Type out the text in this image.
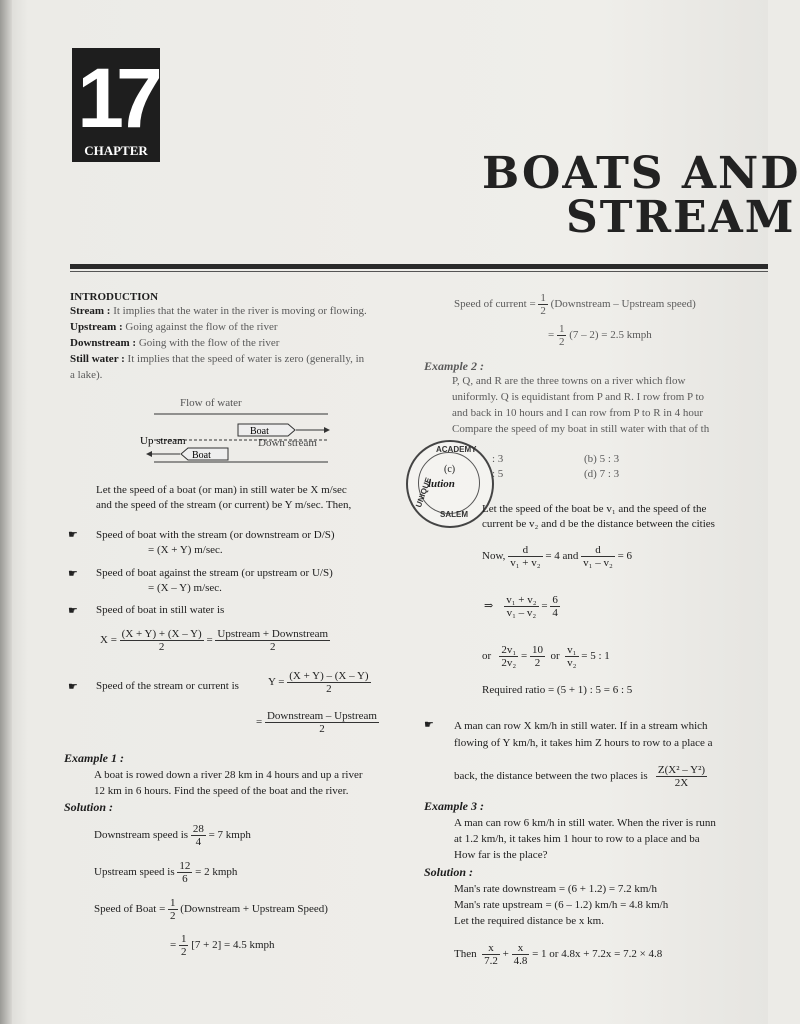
17
CHAPTER	BOATS AND
STREAM
INTRODUCTION
Stream : It implies that the water in the river is moving or flowing.
Upstream : Going against the flow of the river
Downstream : Going with the flow of the river
Still water : It implies that the speed of water is zero (generally, in
a lake).
Flow of water
Boat
Boat
Up stream	Down stream
Let the speed of a boat (or man) in still water be X m/sec
and the speed of the stream (or current) be Y m/sec. Then,
☛ Speed of boat with the stream (or downstream or D/S)
= (X + Y) m/sec.
☛ Speed of boat against the stream (or upstream or U/S)
= (X – Y) m/sec.
☛ Speed of boat in still water is
$X = \frac{(X + Y) + (X - Y)}{2} = \frac{\text{Upstream + Downstream}}{2}$
☛ Speed of the stream or current is	$Y = \frac{(X + Y) - (X - Y)}{2}$
= $\frac{\text{Downstream – Upstream}}{2}$
Example 1 :
A boat is rowed down a river 28 km in 4 hours and up a river
12 km in 6 hours. Find the speed of the boat and the river.
Solution :
Downstream speed is $\frac{28}{4} = 7$ kmph
Upstream speed is $\frac{12}{6} = 2$ kmph
Speed of Boat = $\frac{1}{2}$ (Downstream + Upstream Speed)
= $\frac{1}{2} [7 + 2] = 4.5$ kmph
ACADEMY
UNIQUE
SALEM
(c)
lution
Speed of current = $\frac{1}{2}$ (Downstream – Upstream speed)
= $\frac{1}{2} (7 - 2) = 2.5$ kmph
Example 2 :
P, Q, and R are the three towns on a river which flow
uniformly. Q is equidistant from P and R. I row from P to
and back in 10 hours and I can row from P to R in 4 hour
Compare the speed of my boat in still water with that of th
: 3	(b) 5 : 3
: 5	(d) 7 : 3
Let the speed of the boat be v₁ and the speed of the
current be v₂ and d be the distance between the cities
Now, $\frac{d}{\text{v₁ + v₂}} = 4$ and $\frac{d}{\text{v₁ – v₂}} = 6$
⇒ $\frac{\text{v₁ + v₂}}{\text{v₁ – v₂}} = \frac{6}{4}$
or $\frac{\text{2v₁}}{\text{2v₂}} = \frac{10}{2}$ or $\frac{\text{v₁}}{\text{v₂}} = 5$ : 1
Required ratio = (5 + 1) : 5 = 6 : 5
☛ A man can row X km/h in still water. If in a stream which
flowing of Y km/h, it takes him Z hours to row to a place a
back, the distance between the two places is $\frac{\text{Z(X² – Y²)}}{2X}$
Example 3 :
A man can row 6 km/h in still water. When the river is runn
at 1.2 km/h, it takes him 1 hour to row to a place and ba
How far is the place?
Solution :
Man's rate downstream = (6 + 1.2) = 7.2 km/h
Man's rate upstream = (6 – 1.2) km/h = 4.8 km/h
Let the required distance be x km.
Then $\frac{x}{7.2} + \frac{x}{4.8} = 1$ or 4.8x + 7.2x = 7.2 × 4.8
